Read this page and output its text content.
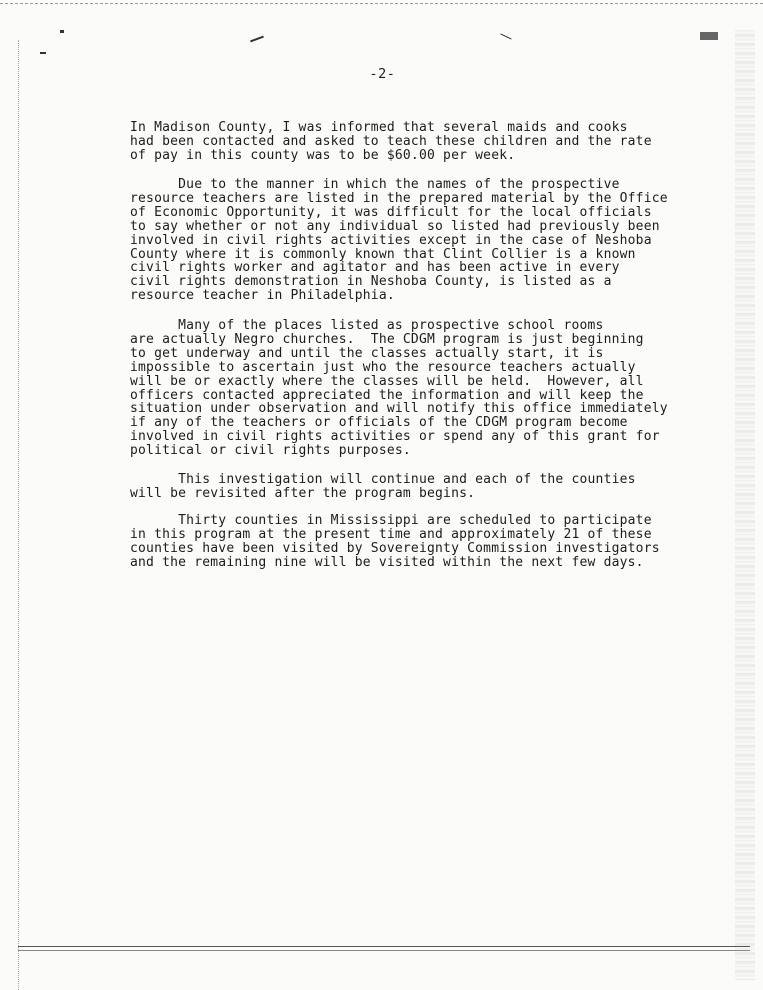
-2-

In Madison County, I was informed that several maids and cooks
had been contacted and asked to teach these children and the rate
of pay in this county was to be $60.00 per week.

Due to the manner in which the names of the prospective
resource teachers are listed in the prepared material by the Office
of Economic Opportunity, it was difficult for the local officials
to say whether or not any individual so listed had previously been
involved in civil rights activities except in the case of Neshoba
County where it is commonly known that Clint Collier is a known
civil rights worker and agitator and has been active in every
civil rights demonstration in Neshoba County, is listed as a
resource teacher in Philadelphia.

Many of the places listed as prospective school rooms
are actually Negro churches.  The CDGM program is just beginning
to get underway and until the classes actually start, it is
impossible to ascertain just who the resource teachers actually
will be or exactly where the classes will be held.  However, all
officers contacted appreciated the information and will keep the
situation under observation and will notify this office immediately
if any of the teachers or officials of the CDGM program become
involved in civil rights activities or spend any of this grant for
political or civil rights purposes.

This investigation will continue and each of the counties
will be revisited after the program begins.

Thirty counties in Mississippi are scheduled to participate
in this program at the present time and approximately 21 of these
counties have been visited by Sovereignty Commission investigators
and the remaining nine will be visited within the next few days.
